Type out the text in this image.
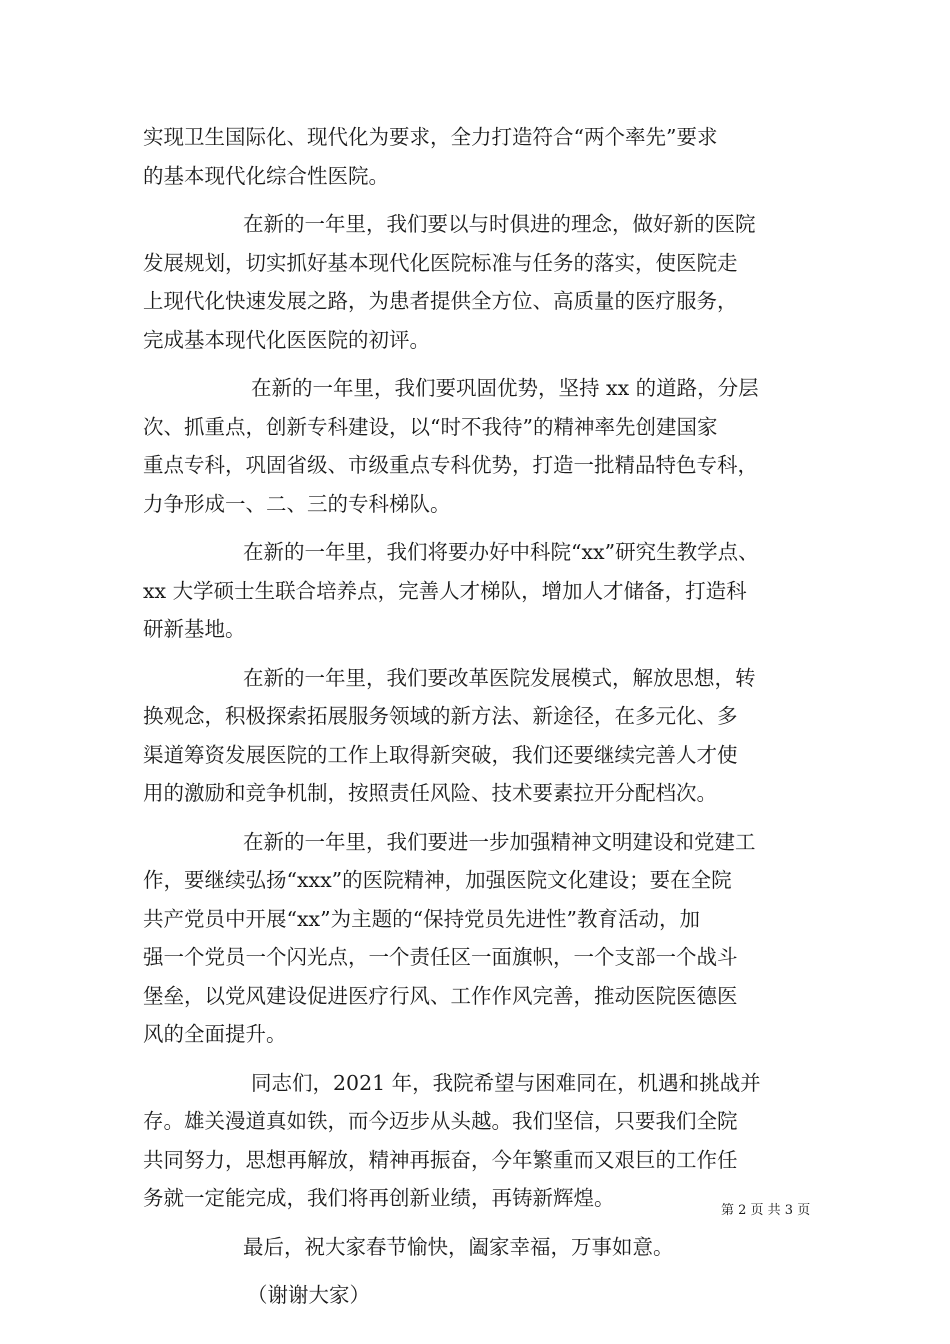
实现卫生国际化、现代化为要求，全力打造符合“两个率先”要求
的基本现代化综合性医院。
在新的一年里，我们要以与时俱进的理念，做好新的医院
发展规划，切实抓好基本现代化医院标准与任务的落实，使医院走
上现代化快速发展之路，为患者提供全方位、高质量的医疗服务，
完成基本现代化医医院的初评。
在新的一年里，我们要巩固优势，坚持 xx 的道路，分层
次、抓重点，创新专科建设，以“时不我待”的精神率先创建国家
重点专科，巩固省级、市级重点专科优势，打造一批精品特色专科，
力争形成一、二、三的专科梯队。
在新的一年里，我们将要办好中科院“xx”研究生教学点、
xx 大学硕士生联合培养点，完善人才梯队，增加人才储备，打造科
研新基地。
在新的一年里，我们要改革医院发展模式，解放思想，转
换观念，积极探索拓展服务领域的新方法、新途径，在多元化、多
渠道筹资发展医院的工作上取得新突破，我们还要继续完善人才使
用的激励和竞争机制，按照责任风险、技术要素拉开分配档次。
在新的一年里，我们要进一步加强精神文明建设和党建工
作，要继续弘扬“xxx”的医院精神，加强医院文化建设；要在全院
共产党员中开展“xx”为主题的“保持党员先进性”教育活动，加
强一个党员一个闪光点，一个责任区一面旗帜，一个支部一个战斗
堡垒，以党风建设促进医疗行风、工作作风完善，推动医院医德医
风的全面提升。
同志们，2021 年，我院希望与困难同在，机遇和挑战并
存。雄关漫道真如铁，而今迈步从头越。我们坚信，只要我们全院
共同努力，思想再解放，精神再振奋，今年繁重而又艰巨的工作任
务就一定能完成，我们将再创新业绩，再铸新辉煌。
最后，祝大家春节愉快，阖家幸福，万事如意。
（谢谢大家）
第 2 页 共 3 页
